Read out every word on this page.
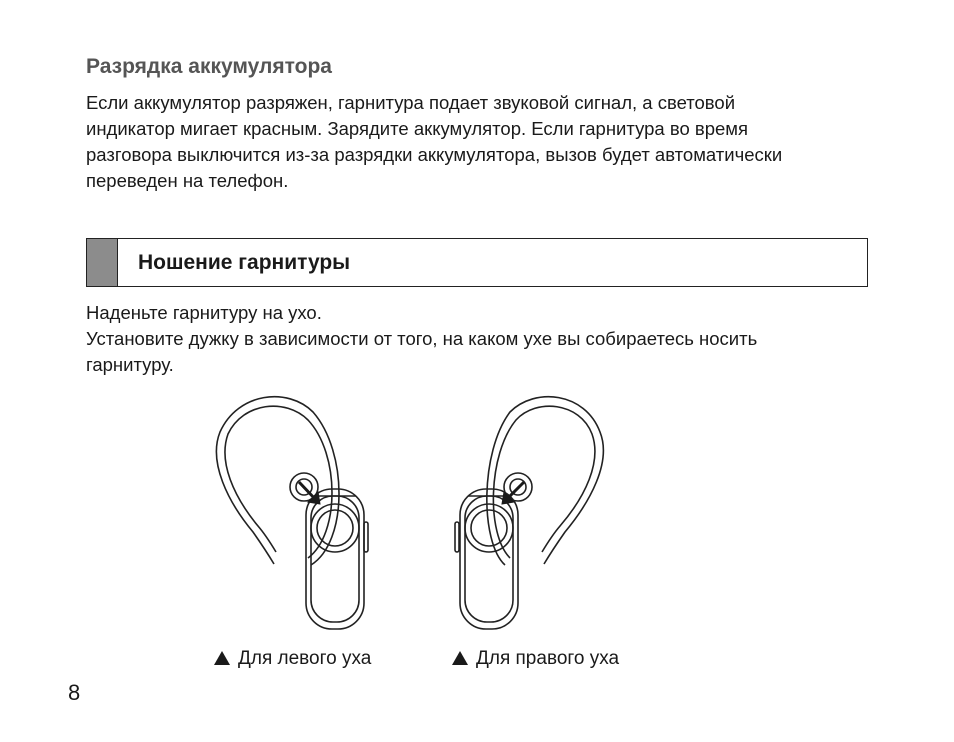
Разрядка аккумулятора
Если аккумулятор разряжен, гарнитура подает звуковой сигнал, а световой
индикатор мигает красным. Зарядите аккумулятор. Если гарнитура во время
разговора выключится из-за разрядки аккумулятора, вызов будет автоматически
переведен на телефон.
Ношение гарнитуры
Наденьте гарнитуру на ухо.
Установите дужку в зависимости от того, на каком ухе вы собираетесь носить
гарнитуру.
Для левого уха	Для правого уха
8
